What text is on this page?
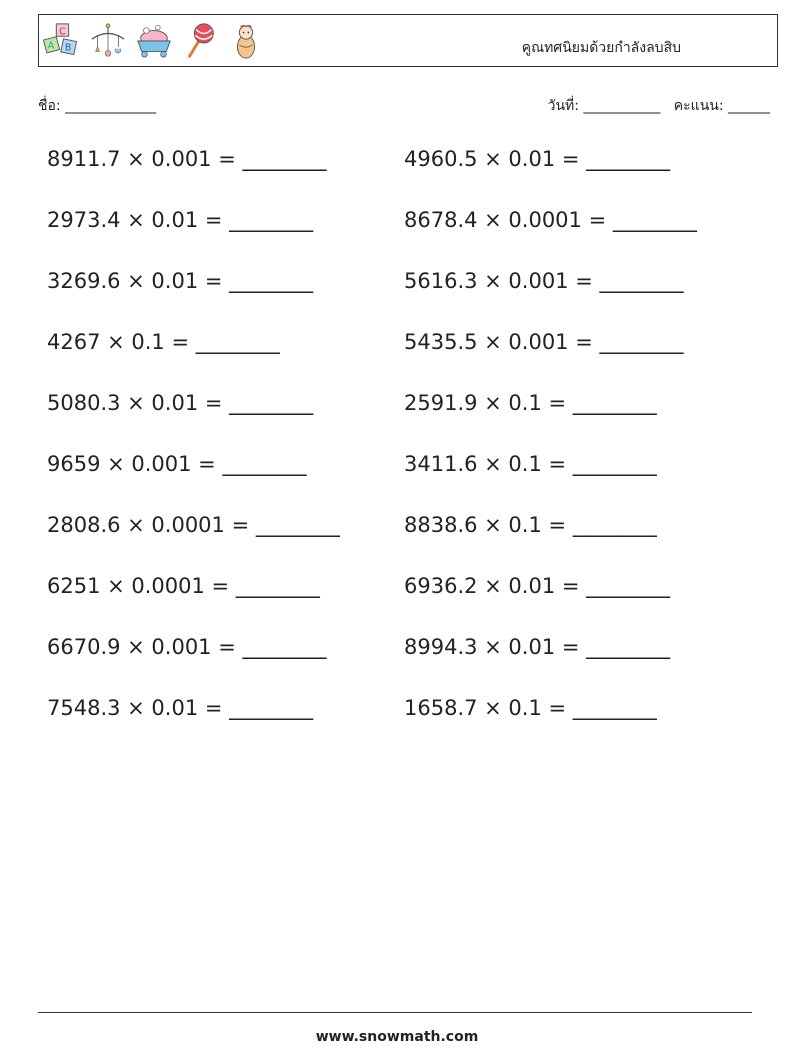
C
A B	คูณทศนิยมด้วยกำลังลบสิบ
ชื่อ: _____________	วันที่: ___________ คะแนน: ______
8911.7 × 0.001 = ________	4960.5 × 0.01 = ________
2973.4 × 0.01 = ________	8678.4 × 0.0001 = ________
3269.6 × 0.01 = ________	5616.3 × 0.001 = ________
4267 × 0.1 = ________	5435.5 × 0.001 = ________
5080.3 × 0.01 = ________	2591.9 × 0.1 = ________
9659 × 0.001 = ________	3411.6 × 0.1 = ________
2808.6 × 0.0001 = ________	8838.6 × 0.1 = ________
6251 × 0.0001 = ________	6936.2 × 0.01 = ________
6670.9 × 0.001 = ________	8994.3 × 0.01 = ________
7548.3 × 0.01 = ________	1658.7 × 0.1 = ________
www.snowmath.com
